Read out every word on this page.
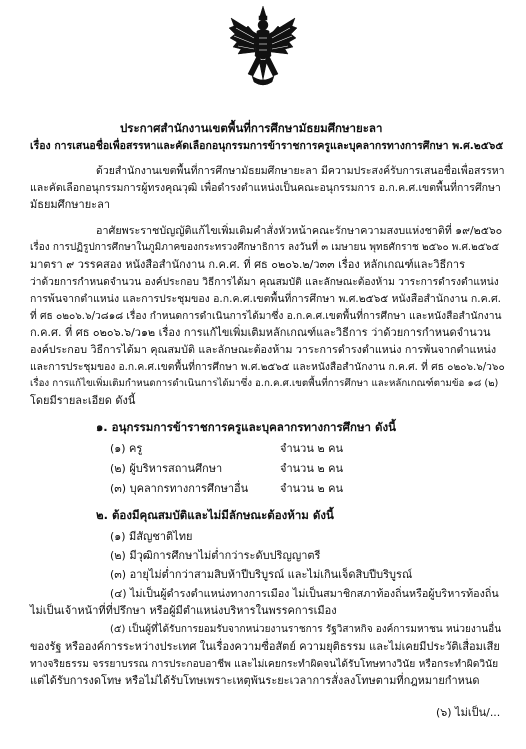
ประกาศสำนักงานเขตพื้นที่การศึกษามัธยมศึกษายะลา
เรื่อง การเสนอชื่อเพื่อสรรหาและคัดเลือกอนุกรรมการข้าราชการครูและบุคลากรทางการศึกษา พ.ศ.๒๕๖๕
ด้วยสำนักงานเขตพื้นที่การศึกษามัธยมศึกษายะลา มีความประสงค์รับการเสนอชื่อเพื่อสรรหา
และคัดเลือกอนุกรรมการผู้ทรงคุณวุฒิ เพื่อดำรงตำแหน่งเป็นคณะอนุกรรมการ อ.ก.ค.ศ.เขตพื้นที่การศึกษา
มัธยมศึกษายะลา
อาศัยพระราชบัญญัติแก้ไขเพิ่มเติมคำสั่งหัวหน้าคณะรักษาความสงบแห่งชาติที่ ๑๙/๒๕๖๐
เรื่อง การปฏิรูปการศึกษาในภูมิภาคของกระทรวงศึกษาธิการ ลงวันที่ ๓ เมษายน พุทธศักราช ๒๕๖๐ พ.ศ.๒๕๖๕
มาตรา ๙ วรรคสอง หนังสือสำนักงาน ก.ค.ศ. ที่ ศธ ๐๒๐๖.๒/ว๓๓ เรื่อง หลักเกณฑ์และวิธีการ
ว่าด้วยการกำหนดจำนวน องค์ประกอบ วิธีการได้มา คุณสมบัติ และลักษณะต้องห้าม วาระการดำรงตำแหน่ง
การพ้นจากตำแหน่ง และการประชุมของ อ.ก.ค.ศ.เขตพื้นที่การศึกษา พ.ศ.๒๕๖๕ หนังสือสำนักงาน ก.ค.ศ.
ที่ ศธ ๐๒๐๖.๖/ว๘๑๘ เรื่อง กำหนดการดำเนินการได้มาซึ่ง อ.ก.ค.ศ.เขตพื้นที่การศึกษา และหนังสือสำนักงาน
ก.ค.ศ. ที่ ศธ ๐๒๐๖.๖/ว๑๒ เรื่อง การแก้ไขเพิ่มเติมหลักเกณฑ์และวิธีการ ว่าด้วยการกำหนดจำนวน
องค์ประกอบ วิธีการได้มา คุณสมบัติ และลักษณะต้องห้าม วาระการดำรงตำแหน่ง การพ้นจากตำแหน่ง
และการประชุมของ อ.ก.ค.ศ.เขตพื้นที่การศึกษา พ.ศ.๒๕๖๕ และหนังสือสำนักงาน ก.ค.ศ. ที่ ศธ ๐๒๐๖.๖/ว๖๐
เรื่อง การแก้ไขเพิ่มเติมกำหนดการดำเนินการได้มาซึ่ง อ.ก.ค.ศ.เขตพื้นที่การศึกษา และหลักเกณฑ์ตามข้อ ๑๘ (๒)
โดยมีรายละเอียด ดังนี้
๑. อนุกรรมการข้าราชการครูและบุคลากรทางการศึกษา ดังนี้
(๑) ครู	จำนวน ๒ คน
(๒) ผู้บริหารสถานศึกษา	จำนวน ๒ คน
(๓) บุคลากรทางการศึกษาอื่น	จำนวน ๒ คน
๒. ต้องมีคุณสมบัติและไม่มีลักษณะต้องห้าม ดังนี้
(๑) มีสัญชาติไทย
(๒) มีวุฒิการศึกษาไม่ต่ำกว่าระดับปริญญาตรี
(๓) อายุไม่ต่ำกว่าสามสิบห้าปีบริบูรณ์ และไม่เกินเจ็ดสิบปีบริบูรณ์
(๔) ไม่เป็นผู้ดำรงตำแหน่งทางการเมือง ไม่เป็นสมาชิกสภาท้องถิ่นหรือผู้บริหารท้องถิ่น
ไม่เป็นเจ้าหน้าที่ที่ปรึกษา หรือผู้มีตำแหน่งบริหารในพรรคการเมือง
(๕) เป็นผู้ที่ได้รับการยอมรับจากหน่วยงานราชการ รัฐวิสาหกิจ องค์การมหาชน หน่วยงานอื่น
ของรัฐ หรือองค์การระหว่างประเทศ ในเรื่องความซื่อสัตย์ ความยุติธรรม และไม่เคยมีประวัติเสื่อมเสีย
ทางจริยธรรม จรรยาบรรณ การประกอบอาชีพ และไม่เคยกระทำผิดจนได้รับโทษทางวินัย หรือกระทำผิดวินัย
แต่ได้รับการงดโทษ หรือไม่ได้รับโทษเพราะเหตุพ้นระยะเวลาการสั่งลงโทษตามที่กฎหมายกำหนด
(๖) ไม่เป็น/...
